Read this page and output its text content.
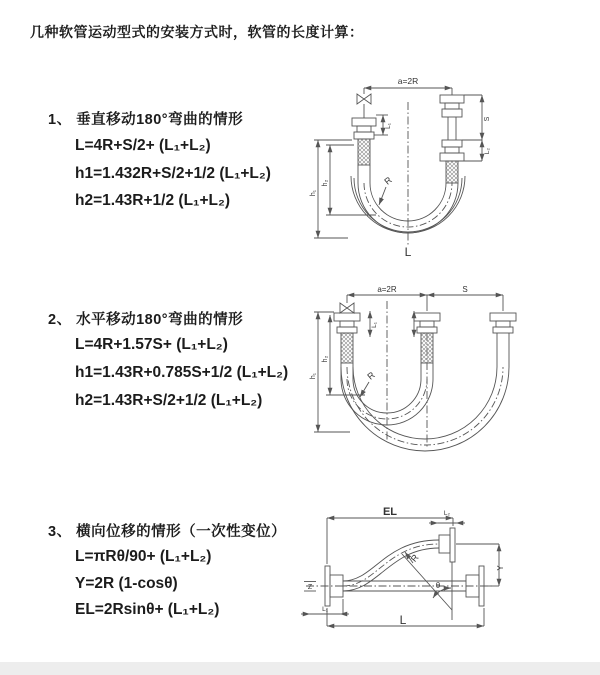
几种软管运动型式的安装方式时，软管的长度计算：
1、 垂直移动180°弯曲的情形
L=4R+S/2+ (L₁+L₂)
h1=1.432R+S/2+1/2 (L₁+L₂)
h2=1.43R+1/2 (L₁+L₂)
2、 水平移动180°弯曲的情形
L=4R+1.57S+ (L₁+L₂)
h1=1.43R+0.785S+1/2 (L₁+L₂)
h2=1.43R+S/2+1/2 (L₁+L₂)
3、 横向位移的情形（一次性变位）
L=πRθ/90+ (L₁+L₂)
Y=2R (1-cosθ)
EL=2Rsinθ+ (L₁+L₂)
a=2R
h₁
h₂
S
L₂
L₁
R
L
a=2R	S
h₁
h₂
L₁
R
EL	L₂
Y
R
θ
L
L₁
Z
